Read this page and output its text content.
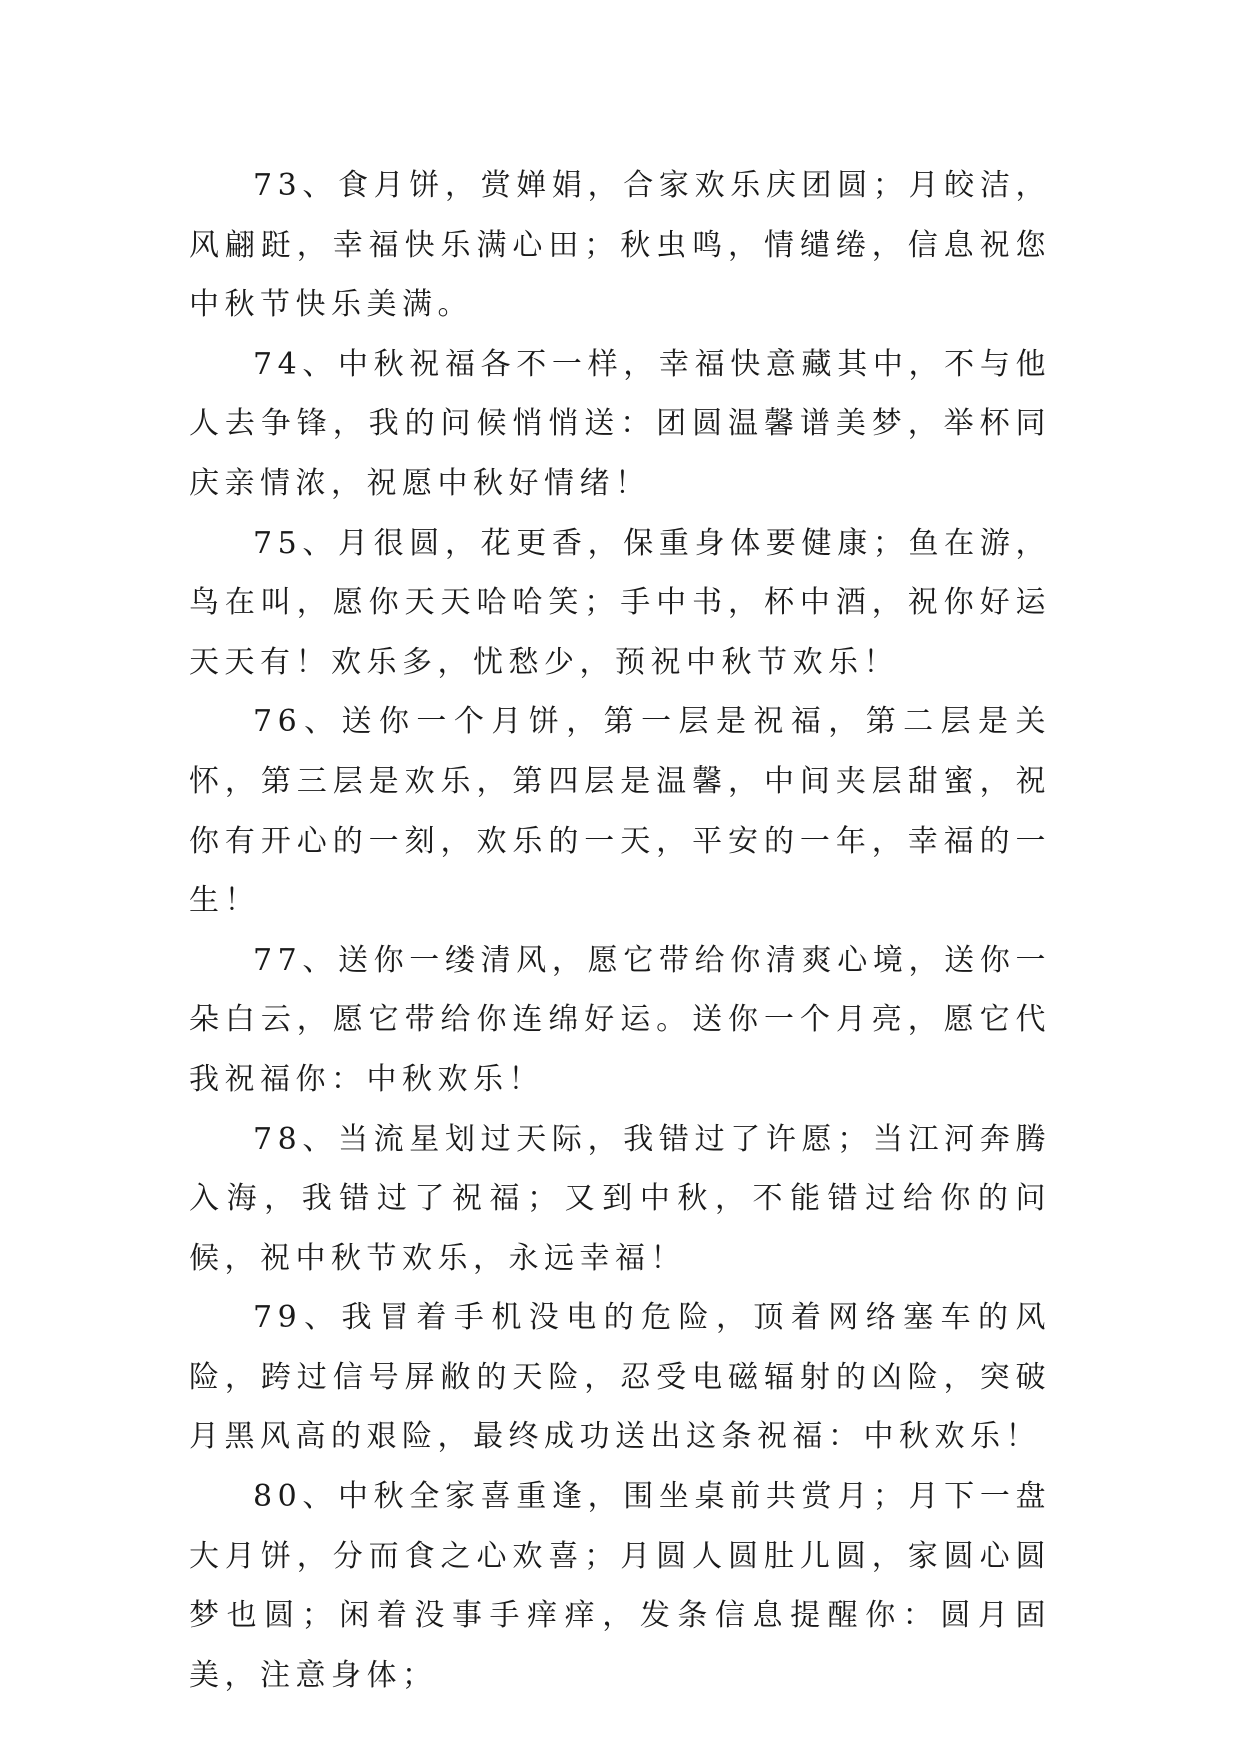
73、食月饼，赏婵娟，合家欢乐庆团圆；月皎洁，风翩跹，幸福快乐满心田；秋虫鸣，情缱绻，信息祝您中秋节快乐美满。

74、中秋祝福各不一样，幸福快意藏其中，不与他人去争锋，我的问候悄悄送：团圆温馨谱美梦，举杯同庆亲情浓，祝愿中秋好情绪！

75、月很圆，花更香，保重身体要健康；鱼在游，鸟在叫，愿你天天哈哈笑；手中书，杯中酒，祝你好运天天有！欢乐多，忧愁少，预祝中秋节欢乐！

76、送你一个月饼，第一层是祝福，第二层是关怀，第三层是欢乐，第四层是温馨，中间夹层甜蜜，祝你有开心的一刻，欢乐的一天，平安的一年，幸福的一生！

77、送你一缕清风，愿它带给你清爽心境，送你一朵白云，愿它带给你连绵好运。送你一个月亮，愿它代我祝福你：中秋欢乐！

78、当流星划过天际，我错过了许愿；当江河奔腾入海，我错过了祝福；又到中秋，不能错过给你的问候，祝中秋节欢乐，永远幸福！

79、我冒着手机没电的危险，顶着网络塞车的风险，跨过信号屏敝的天险，忍受电磁辐射的凶险，突破月黑风高的艰险，最终成功送出这条祝福：中秋欢乐！

80、中秋全家喜重逢，围坐桌前共赏月；月下一盘大月饼，分而食之心欢喜；月圆人圆肚儿圆，家圆心圆梦也圆；闲着没事手痒痒，发条信息提醒你：圆月固美，注意身体；
